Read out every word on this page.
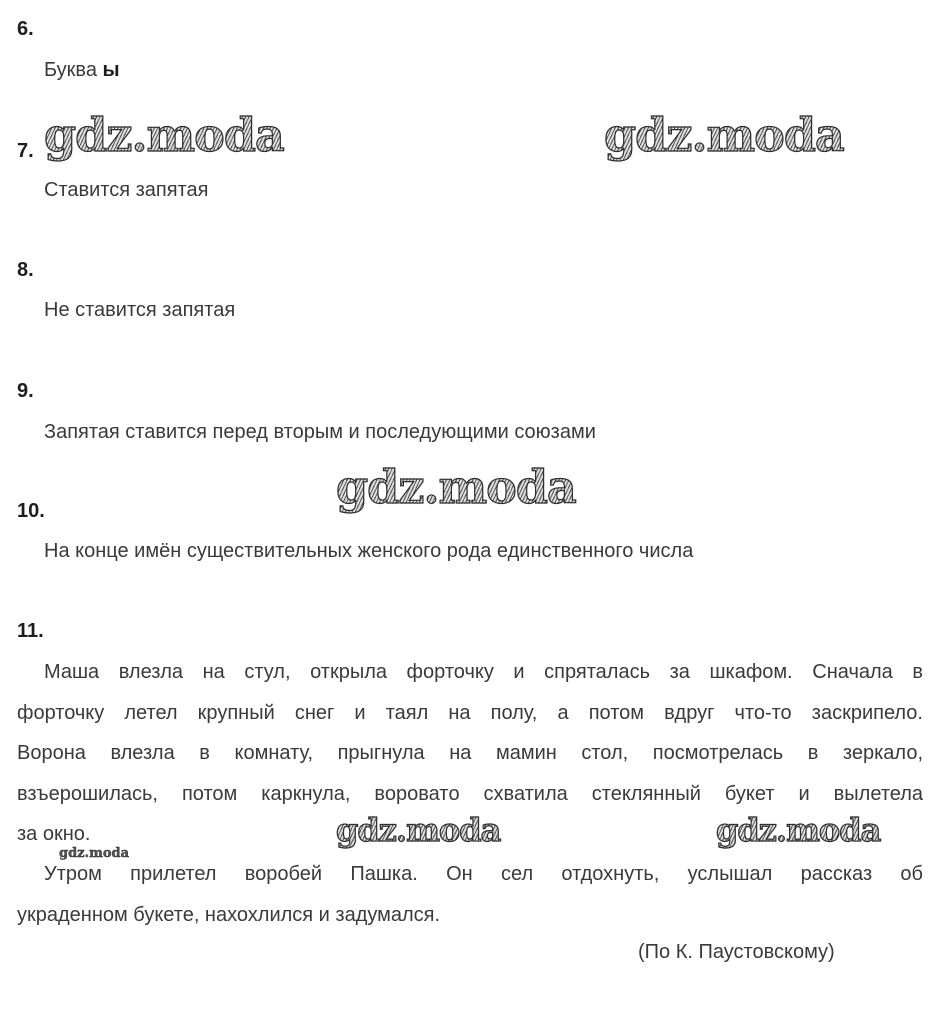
6.

Буква ы

7.

Ставится запятая

8.

Не ставится запятая

9.

Запятая ставится перед вторым и последующими союзами

10.

На конце имён существительных женского рода единственного числа

11.

Маша влезла на стул, открыла форточку и спряталась за шкафом. Сначала в
форточку летел крупный снег и таял на полу, а потом вдруг что-то заскрипело.
Ворона влезла в комнату, прыгнула на мамин стол, посмотрелась в зеркало,
взъерошилась, потом каркнула, вороватo схватила стеклянный букет и вылетела
за окно.
Утром прилетел воробей Пашка. Он сел отдохнуть, услышал рассказ об
украденном букете, нахохлился и задумался.

(По К. Паустовскому)

gdz.moda	gdz.moda
gdz.moda
gdz.moda	gdz.moda
gdz.moda
